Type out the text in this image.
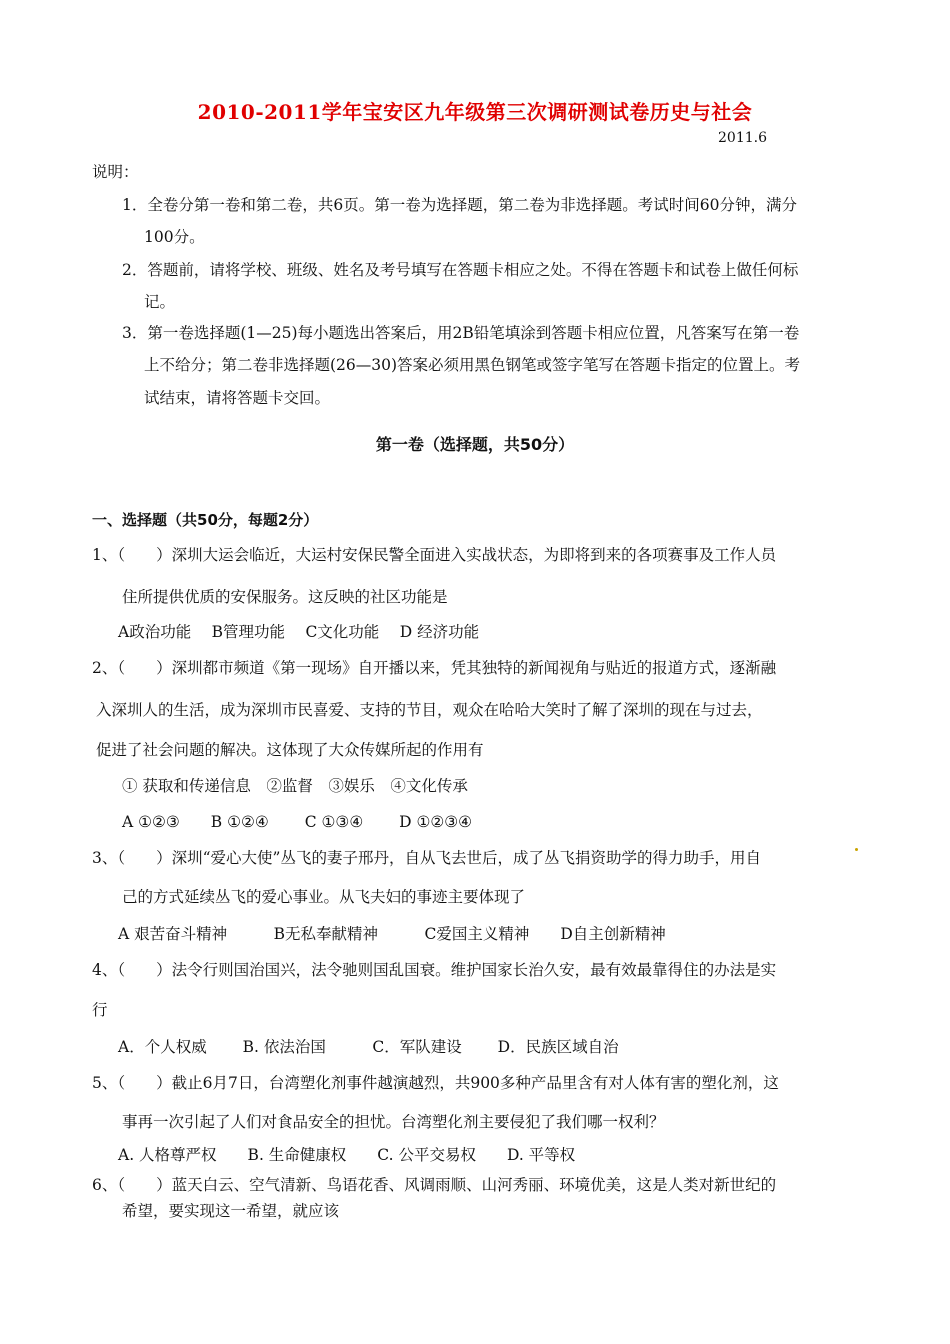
2010-2011学年宝安区九年级第三次调研测试卷历史与社会
2011.6
说明：
1．全卷分第一卷和第二卷，共6页。第一卷为选择题，第二卷为非选择题。考试时间60分钟，满分
100分。
2．答题前，请将学校、班级、姓名及考号填写在答题卡相应之处。不得在答题卡和试卷上做任何标
记。
3．第一卷选择题(1—25)每小题选出答案后，用2B铅笔填涂到答题卡相应位置，凡答案写在第一卷
上不给分；第二卷非选择题(26—30)答案必须用黑色钢笔或签字笔写在答题卡指定的位置上。考
试结束，请将答题卡交回。
第一卷（选择题，共50分）
一、选择题（共50分，每题2分）
1、（　　）深圳大运会临近，大运村安保民警全面进入实战状态，为即将到来的各项赛事及工作人员
住所提供优质的安保服务。这反映的社区功能是
A政治功能　 B管理功能　 C文化功能　 D 经济功能
2、（　　）深圳都市频道《第一现场》自开播以来，凭其独特的新闻视角与贴近的报道方式，逐渐融
入深圳人的生活，成为深圳市民喜爱、支持的节目，观众在哈哈大笑时了解了深圳的现在与过去，
促进了社会问题的解决。这体现了大众传媒所起的作用有
① 获取和传递信息　②监督　③娱乐　④文化传承
A ①②③　　B ①②④　　 C ①③④　　 D ①②③④
3、（　　）深圳“爱心大使”丛飞的妻子邢丹，自从飞去世后，成了丛飞捐资助学的得力助手，用自
己的方式延续丛飞的爱心事业。从飞夫妇的事迹主要体现了
A 艰苦奋斗精神　　　B无私奉献精神　　　C爱国主义精神　　D自主创新精神
4、（　　）法令行则国治国兴，法令驰则国乱国衰。维护国家长治久安，最有效最靠得住的办法是实
行
A．个人权威　　 B. 依法治国　　　C．军队建设　　 D．民族区域自治
5、（　　）截止6月7日，台湾塑化剂事件越演越烈，共900多种产品里含有对人体有害的塑化剂，这
事再一次引起了人们对食品安全的担忧。台湾塑化剂主要侵犯了我们哪一权利？
A. 人格尊严权　　B. 生命健康权　　C. 公平交易权　　D. 平等权
6、（　　）蓝天白云、空气清新、鸟语花香、风调雨顺、山河秀丽、环境优美，这是人类对新世纪的
希望，要实现这一希望，就应该
